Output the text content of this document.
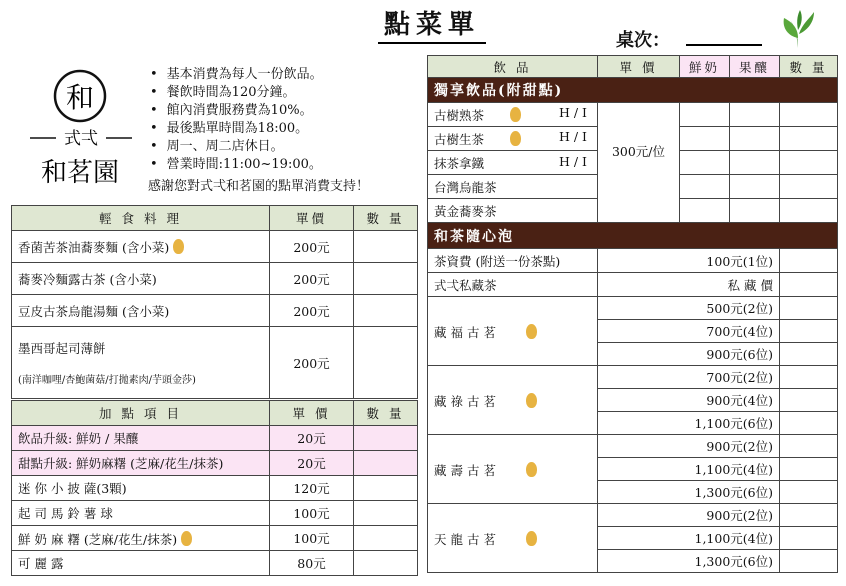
點菜單
桌次：
和
式弌
和茗園
• 基本消費為每人一份飲品。
• 餐飲時間為120分鐘。
• 館內消費服務費為10%。
• 最後點單時間為18:00。
• 周一、周二店休日。
• 營業時間:11:00~19:00。
感謝您對式弌和茗園的點單消費支持！
輕 食 料 理	單價	數 量
香菌苦茶油蕎麥麵 (含小菜)	200元	
蕎麥冷麵露古茶 (含小菜)	200元	
豆皮古茶烏龍湯麵 (含小菜)	200元	

墨西哥起司薄餅
(南洋咖哩/杏鮑菌菇/打拋素肉/芋頭金莎)	200元	
加 點 項 目	單 價	數 量
飲品升級: 鮮奶 / 果釀	20元	
甜點升級: 鮮奶麻糬 (芝麻/花生/抹茶)	20元	
迷 你 小 披 薩(3顆)	120元	
起 司 馬 鈴 薯 球	100元	
鮮 奶 麻 糬 (芝麻/花生/抹茶)	100元	
可 麗 露	80元	
飲 品	單 價	鮮奶	果釀	數 量
獨享飲品(附甜點)				
古樹熟茶 H/I	300元/位			
古樹生茶 H/I				

抹茶拿鐵 H/I				

台灣烏龍茶				
黃金蕎麥茶				
和茶隨心泡				
茶資費 (附送一份茶點)	100元(1位)			
式弌私藏茶	私 藏 價			
藏福古茗	500元(2位)			
	700元(4位)			
	900元(6位)			
藏祿古茗	700元(2位)			
	900元(4位)			
	1,100元(6位)			
藏壽古茗	900元(2位)			
	1,100元(4位)			
	1,300元(6位)			
天龍古茗	900元(2位)			
	1,100元(4位)			
	1,300元(6位)			
